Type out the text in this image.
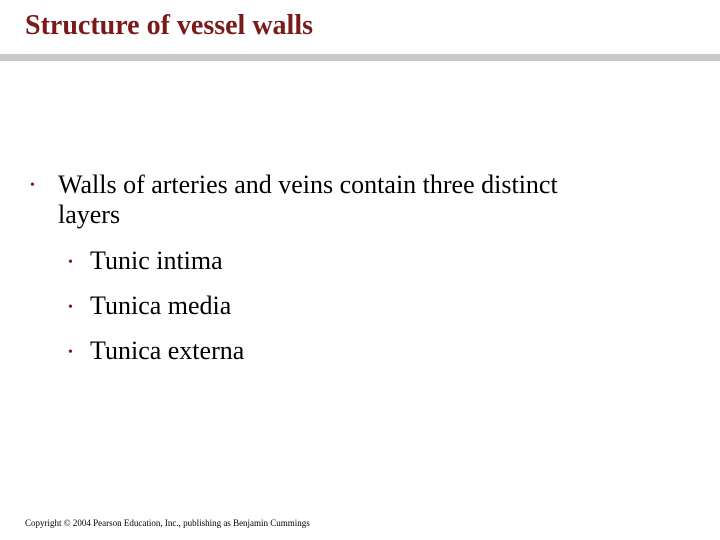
Structure of vessel walls
• Walls of arteries and veins contain three distinct
layers
• Tunic intima
• Tunica media
• Tunica externa
Copyright © 2004 Pearson Education, Inc., publishing as Benjamin Cummings
